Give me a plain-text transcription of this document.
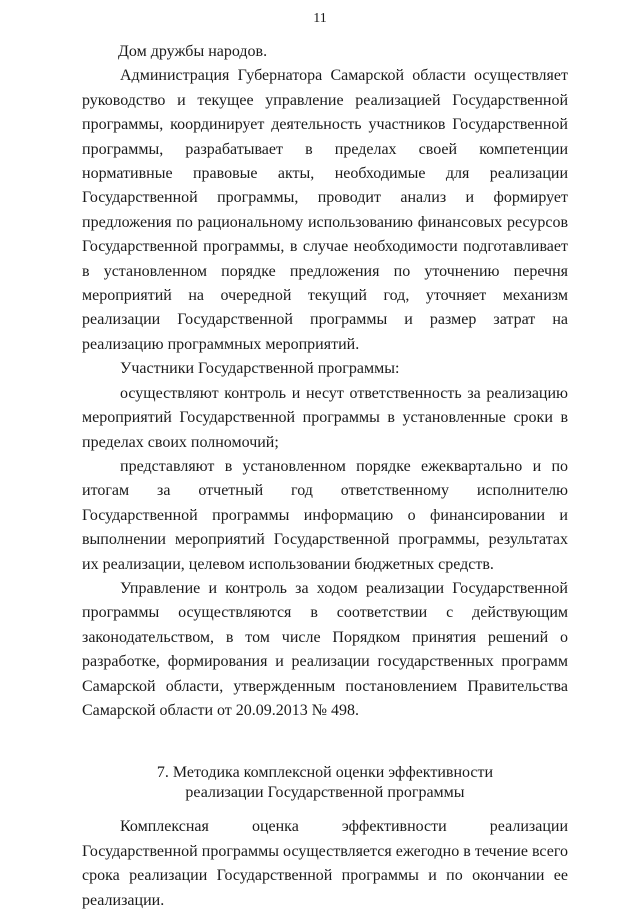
11

Дом дружбы народов.

Администрация Губернатора Самарской области осуществляет руководство и текущее управление реализацией Государственной программы, координирует деятельность участников Государственной программы, разрабатывает в пределах своей компетенции нормативные правовые акты, необходимые для реализации Государственной программы, проводит анализ и формирует предложения по рациональному использованию финансовых ресурсов Государственной программы, в случае необходимости подготавливает в установленном порядке предложения по уточнению перечня мероприятий на очередной текущий год, уточняет механизм реализации Государственной программы и размер затрат на реализацию программных мероприятий.

Участники Государственной программы:

осуществляют контроль и несут ответственность за реализацию мероприятий Государственной программы в установленные сроки в пределах своих полномочий;

представляют в установленном порядке ежеквартально и по итогам за отчетный год ответственному исполнителю Государственной программы информацию о финансировании и выполнении мероприятий Государственной программы, результатах их реализации, целевом использовании бюджетных средств.

Управление и контроль за ходом реализации Государственной программы осуществляются в соответствии с действующим законодательством, в том числе Порядком принятия решений о разработке, формирования и реализации государственных программ Самарской области, утвержденным постановлением Правительства Самарской области от 20.09.2013 № 498.

7. Методика комплексной оценки эффективности
реализации Государственной программы

Комплексная оценка эффективности реализации Государственной программы осуществляется ежегодно в течение всего срока реализации Государственной программы и по окончании ее реализации.
